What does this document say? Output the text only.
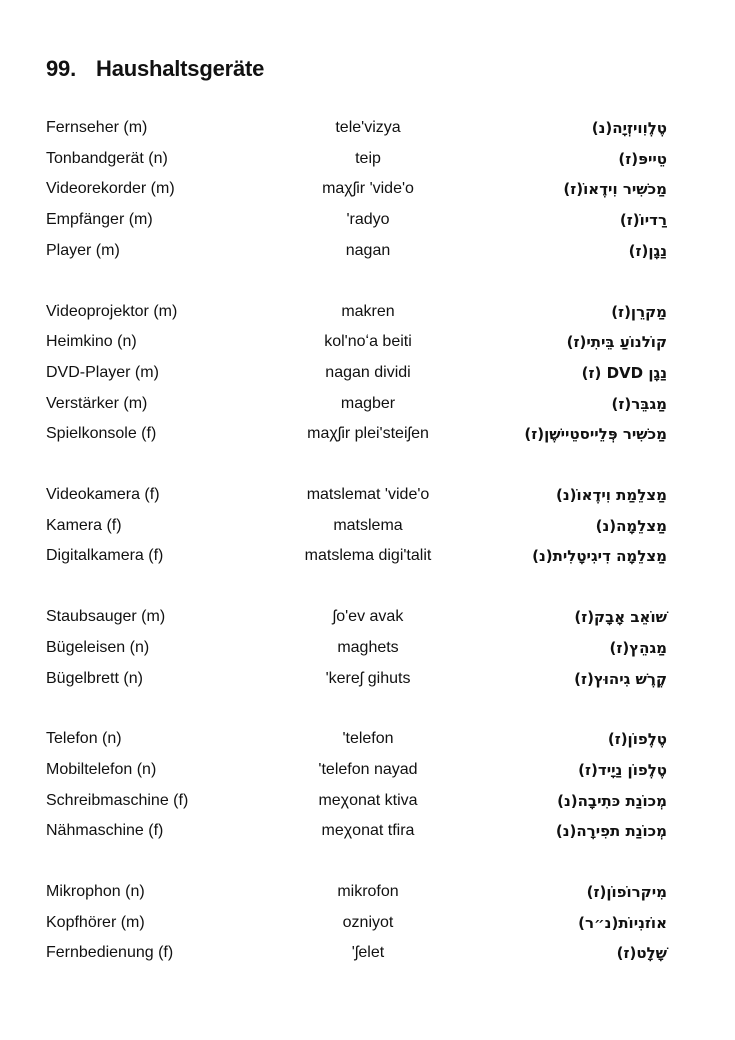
99. Haushaltsgeräte
Fernseher (m)	tele'vizya	טֶלֶוִויזְיָה(נ)
Tonbandgerät (n)	teip	טֵייפּ(ז)
Videorekorder (m)	maχʃir 'vide'o	מַכשִׁיר וִידֶאוֹ(ז)
Empfänger (m)	'radyo	רַדיוֹ(ז)
Player (m)	nagan	נַגָן(ז)
Videoprojektor (m)	makren	מַקרֵן(ז)
Heimkino (n)	kol'noʻa beiti	קוֹלנוֹעַ בֵּיתִי(ז)
DVD-Player (m)	nagan dividi	נַגָן DVD (ז)
Verstärker (m)	magber	מַגבֵּר(ז)
Spielkonsole (f)	maχʃir plei'steiʃen	מַכשִׁיר פְּלֵייסטֵיישֶׁן(ז)
Videokamera (f)	matslemat 'vide'o	מַצלֵמַת וִידֶאוֹ(נ)
Kamera (f)	matslema	מַצלֵמָה(נ)
Digitalkamera (f)	matslema digi'talit	מַצלֵמָה דִיגִיטָלִית(נ)
Staubsauger (m)	ʃo'ev avak	שׁוֹאֵב אָבָק(ז)
Bügeleisen (n)	maghets	מַגהֵץ(ז)
Bügelbrett (n)	'kereʃ gihuts	קֶרֶשׁ גִיהוּץ(ז)
Telefon (n)	'telefon	טֶלֶפוֹן(ז)
Mobiltelefon (n)	'telefon nayad	טֶלֶפוֹן נַיָיד(ז)
Schreibmaschine (f)	meχonat ktiva	מְכוֹנַת כּתִיבָה(נ)
Nähmaschine (f)	meχonat tfira	מְכוֹנַת תפִירָה(נ)
Mikrophon (n)	mikrofon	מִיקרוֹפוֹן(ז)
Kopfhörer (m)	ozniyot	אוֹזנִיוֹת(נ״ר)
Fernbedienung (f)	'ʃelet	שָׁלָט(ז)
